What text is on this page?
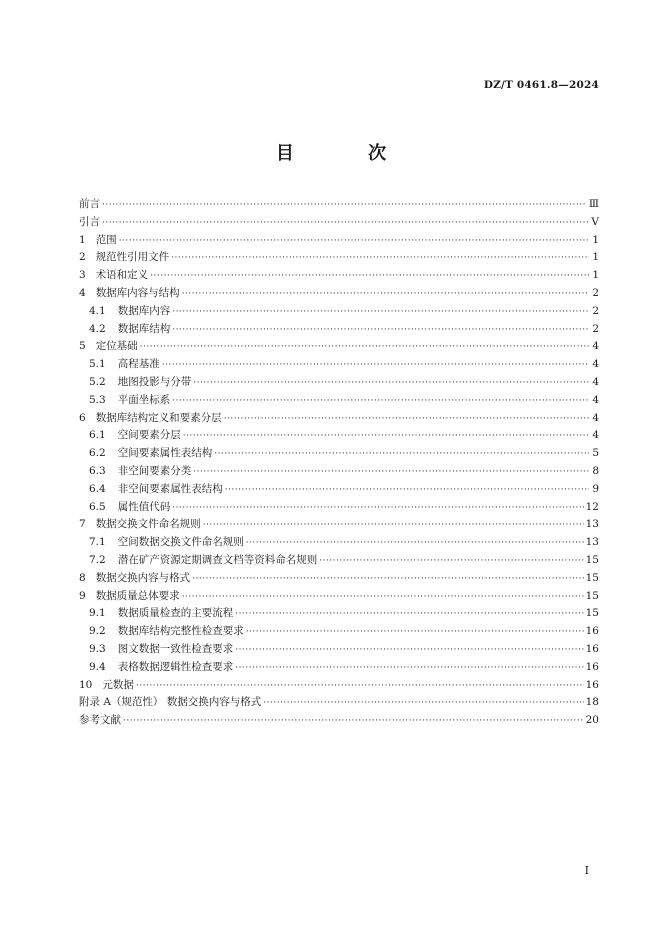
DZ/T 0461.8—2024
目 次
前言 ·····	Ⅲ
引言 ·····	Ⅴ
1 范围 ·····	1
2 规范性引用文件 ·····	1
3 术语和定义 ·····	1
4 数据库内容与结构 ·····	2
4.1 数据库内容 ·····	2
4.2 数据库结构 ·····	2
5 定位基础 ·····	4
5.1 高程基准 ·····	4
5.2 地图投影与分带 ·····	4
5.3 平面坐标系 ·····	4
6 数据库结构定义和要素分层 ·····	4
6.1 空间要素分层 ·····	4
6.2 空间要素属性表结构 ·····	5
6.3 非空间要素分类 ·····	8
6.4 非空间要素属性表结构 ·····	9
6.5 属性值代码 ·····	12
7 数据交换文件命名规则 ·····	13
7.1 空间数据交换文件命名规则 ·····	13
7.2 潜在矿产资源定期调查文档等资料命名规则 ·····	15
8 数据交换内容与格式 ·····	15
9 数据质量总体要求 ·····	15
9.1 数据质量检查的主要流程 ·····	15
9.2 数据库结构完整性检查要求 ·····	16
9.3 图文数据一致性检查要求 ·····	16
9.4 表格数据逻辑性检查要求 ·····	16
10 元数据 ·····	16
附录 A（规范性） 数据交换内容与格式 ·····	18
参考文献 ·····	20
I
